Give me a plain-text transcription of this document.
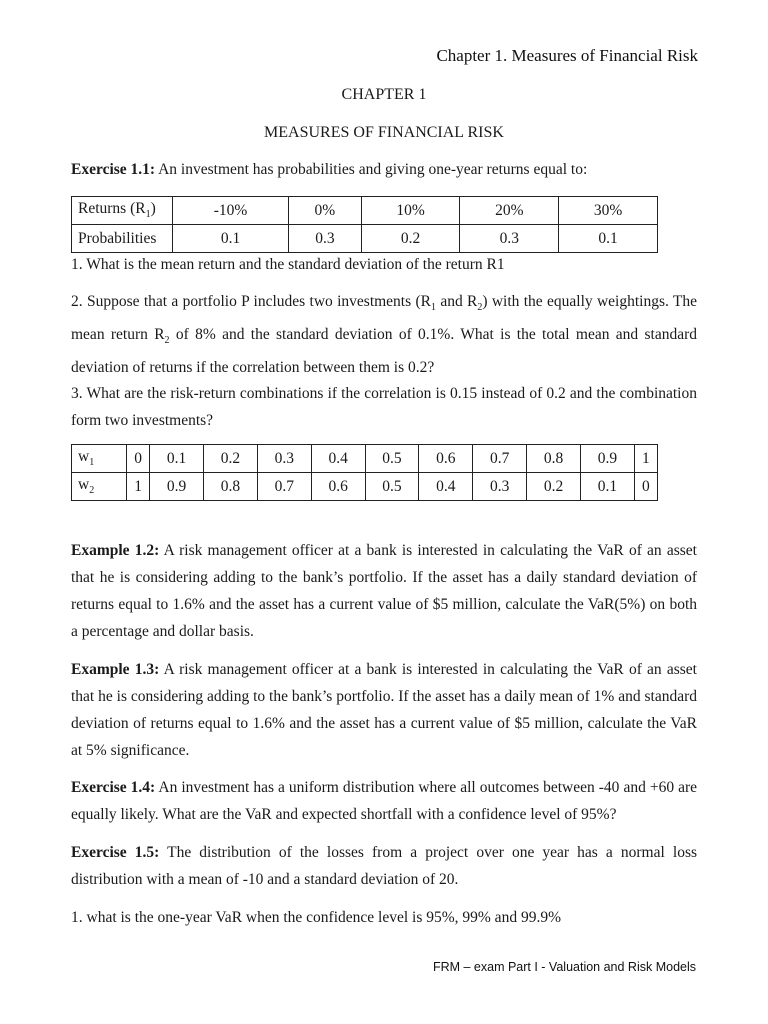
Chapter 1. Measures of Financial Risk
CHAPTER 1
MEASURES OF FINANCIAL RISK
Exercise 1.1: An investment has probabilities and giving one-year returns equal to:
Returns $(R_1)$	-10%	0%	10%	20%	30%
Probabilities	0.1	0.3	0.2	0.3	0.1
1. What is the mean return and the standard deviation of the return R1
2. Suppose that a portfolio P includes two investments ($R_1$ and $R_2$) with the equally weightings. The mean return $R_2$ of 8% and the standard deviation of 0.1%. What is the total mean and standard deviation of returns if the correlation between them is 0.2?
3. What are the risk-return combinations if the correlation is 0.15 instead of 0.2 and the combination form two investments?
$w_1$	0	0.1	0.2	0.3	0.4	0.5	0.6	0.7	0.8	0.9	1
$w_2$	1	0.9	0.8	0.7	0.6	0.5	0.4	0.3	0.2	0.1	0
Example 1.2: A risk management officer at a bank is interested in calculating the VaR of an asset that he is considering adding to the bank’s portfolio. If the asset has a daily standard deviation of returns equal to 1.6% and the asset has a current value of $5 million, calculate the VaR(5%) on both a percentage and dollar basis.
Example 1.3: A risk management officer at a bank is interested in calculating the VaR of an asset that he is considering adding to the bank’s portfolio. If the asset has a daily mean of 1% and standard deviation of returns equal to 1.6% and the asset has a current value of $5 million, calculate the VaR at 5% significance.
Exercise 1.4: An investment has a uniform distribution where all outcomes between -40 and +60 are equally likely. What are the VaR and expected shortfall with a confidence level of 95%?
Exercise 1.5: The distribution of the losses from a project over one year has a normal loss distribution with a mean of -10 and a standard deviation of 20.
1. what is the one-year VaR when the confidence level is 95%, 99% and 99.9%
FRM – exam Part I - Valuation and Risk Models
